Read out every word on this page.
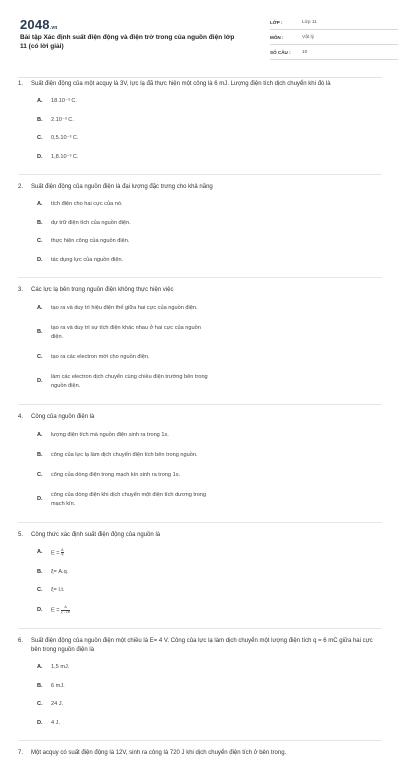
2048.vn
Bài tập Xác định suất điện động và điện trở trong của nguồn điện lớp 11 (có lời giải)
LỚP :	Lớp 11
MÔN :	Vật lý
SỐ CÂU :	10
1.	Suất điện động của một acquy là 3V, lực lạ đã thực hiện một công là 6 mJ. Lượng điện tích dịch chuyển khi đó là
A.	18.10⁻³ C.
B.	2.10⁻³ C.
C.	0,5.10⁻³ C.
D.	1,8.10⁻³ C.
2.	Suất điện động của nguồn điện là đại lượng đặc trưng cho khả năng
A.	tích điện cho hai cực của nó.
B.	dự trữ điện tích của nguồn điện.
C.	thực hiện công của nguồn điện.
D.	tác dụng lực của nguồn điện.
3.	Các lực lạ bên trong nguồn điện không thực hiện việc
A.	tạo ra và duy trì hiệu điện thế giữa hai cực của nguồn điện.
B.
tạo ra và duy trì sự tích điện khác nhau ở hai cực của nguồn điện.
C.	tạo ra các electron mới cho nguồn điện.
D.
làm các electron dịch chuyển cùng chiều điện trường bên trong nguồn điện.
4.	Công của nguồn điện là
A.	lượng điện tích mà nguồn điện sinh ra trong 1s.
B.	công của lực lạ làm dịch chuyển điện tích bên trong nguồn.
C.	công của dòng điện trong mạch kín sinh ra trong 1s.
D.
công của dòng điện khi dịch chuyển một điện tích dương trong mạch kín.
5.	Công thức xác định suất điện động của nguồn là
A.	$E = \frac{A}{q}$
B.	ξ= A.q.
C.	ξ= I.t.
D.	$E = \frac{A}{\xi - 1b}$
6.	Suất điện động của nguồn điện một chiều là E= 4 V. Công của lực lạ làm dịch chuyển một lượng điện tích q = 6 mC giữa hai cực bên trong nguồn điện là
A.	1,5 mJ.
B.	6 mJ.
C.	24 J.
D.	4 J.
7.	Một acquy có suất điện động là 12V, sinh ra công là 720 J khi dịch chuyển điện tích ở bên trong.
